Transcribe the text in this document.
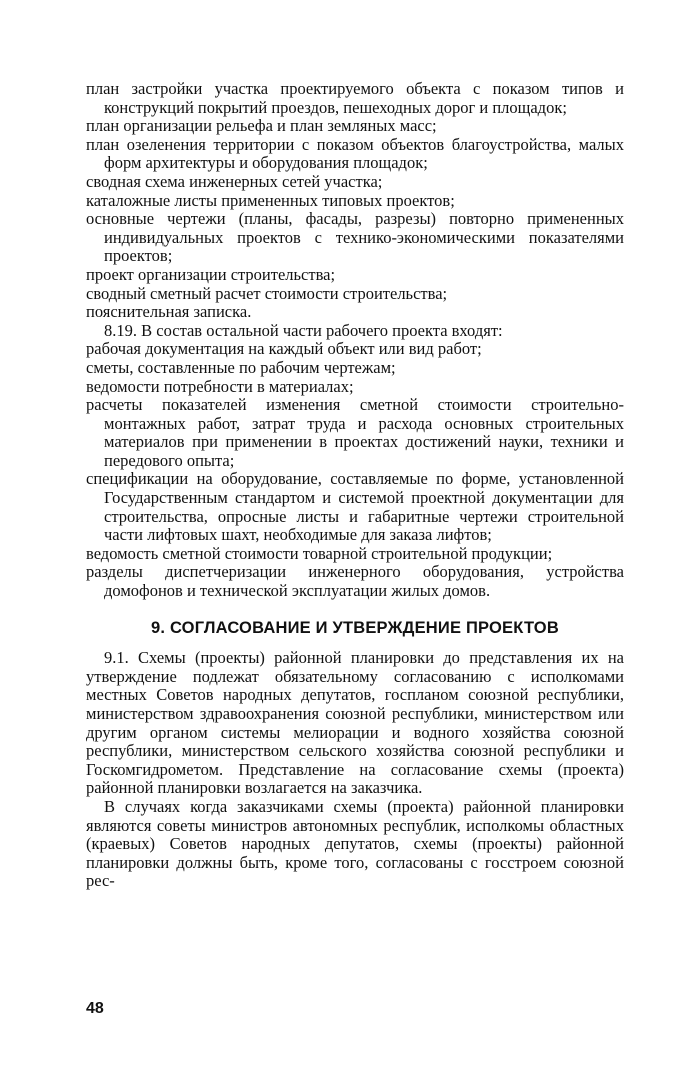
план застройки участка проектируемого объекта с показом типов и конструкций покрытий проездов, пешеходных дорог и площадок;

план организации рельефа и план земляных масс;

план озеленения территории с показом объектов благоустройства, малых форм архитектуры и оборудования площадок;

сводная схема инженерных сетей участка;

каталожные листы примененных типовых проектов;

основные чертежи (планы, фасады, разрезы) повторно примененных индивидуальных проектов с технико-экономическими показателями проектов;

проект организации строительства;

сводный сметный расчет стоимости строительства;

пояснительная записка.

8.19. В состав остальной части рабочего проекта входят:

рабочая документация на каждый объект или вид работ;

сметы, составленные по рабочим чертежам;

ведомости потребности в материалах;

расчеты показателей изменения сметной стоимости строительно-монтажных работ, затрат труда и расхода основных строительных материалов при применении в проектах достижений науки, техники и передового опыта;

спецификации на оборудование, составляемые по форме, установленной Государственным стандартом и системой проектной документации для строительства, опросные листы и габаритные чертежи строительной части лифтовых шахт, необходимые для заказа лифтов;

ведомость сметной стоимости товарной строительной продукции;

разделы диспетчеризации инженерного оборудования, устройства домофонов и технической эксплуатации жилых домов.

9. СОГЛАСОВАНИЕ И УТВЕРЖДЕНИЕ ПРОЕКТОВ

9.1. Схемы (проекты) районной планировки до представления их на утверждение подлежат обязательному согласованию с исполкомами местных Советов народных депутатов, госпланом союзной республики, министерством здравоохранения союзной республики, министерством или другим органом системы мелиорации и водного хозяйства союзной республики, министерством сельского хозяйства союзной республики и Госкомгидрометом. Представление на согласование схемы (проекта) районной планировки возлагается на заказчика.

В случаях когда заказчиками схемы (проекта) районной планировки являются советы министров автономных республик, исполкомы областных (краевых) Советов народных депутатов, схемы (проекты) районной планировки должны быть, кроме того, согласованы с госстроем союзной рес-

48
